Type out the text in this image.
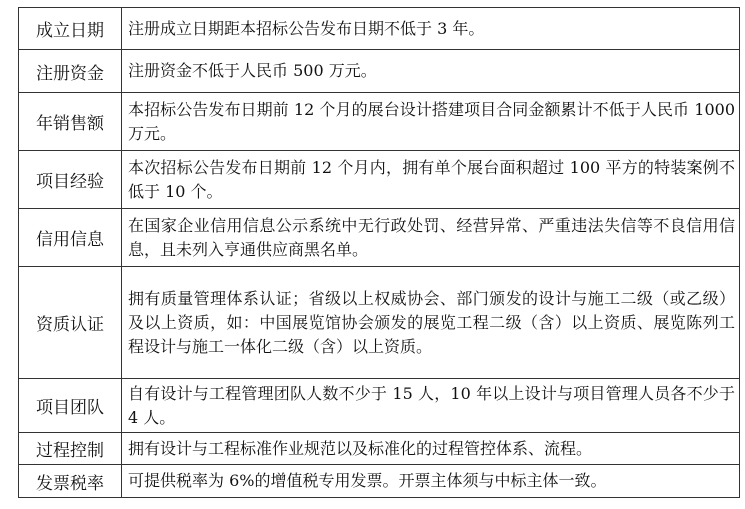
成立日期	注册成立日期距本招标公告发布日期不低于 3 年。
注册资金	注册资金不低于人民币 500 万元。
年销售额	本招标公告发布日期前 12 个月的展台设计搭建项目合同金额累计不低于人民币 1000 万元。
项目经验	本次招标公告发布日期前 12 个月内，拥有单个展台面积超过 100 平方的特装案例不低于 10 个。
信用信息	在国家企业信用信息公示系统中无行政处罚、经营异常、严重违法失信等不良信用信息，且未列入亨通供应商黑名单。
资质认证	拥有质量管理体系认证；省级以上权威协会、部门颁发的设计与施工二级（或乙级）及以上资质，如：中国展览馆协会颁发的展览工程二级（含）以上资质、展览陈列工程设计与施工一体化二级（含）以上资质。
项目团队	自有设计与工程管理团队人数不少于 15 人，10 年以上设计与项目管理人员各不少于 4 人。
过程控制	拥有设计与工程标准作业规范以及标准化的过程管控体系、流程。
发票税率	可提供税率为 6%的增值税专用发票。开票主体须与中标主体一致。
